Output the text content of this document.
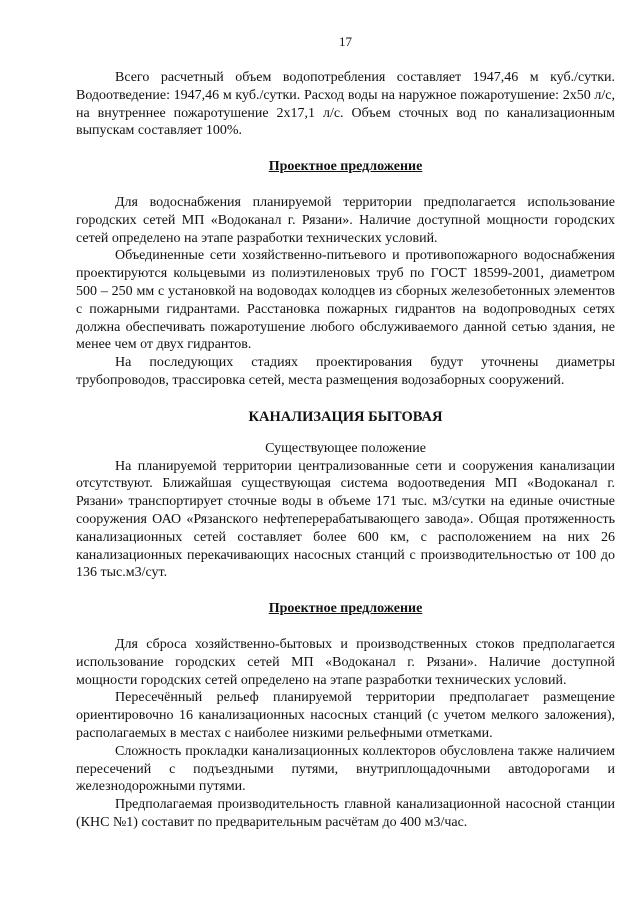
17

Всего расчетный объем водопотребления составляет 1947,46 м куб./сутки. Водоотведение: 1947,46 м куб./сутки. Расход воды на наружное пожаротушение: 2х50 л/с, на внутреннее пожаротушение 2х17,1 л/с. Объем сточных вод по канализационным выпускам составляет 100%.

Проектное предложение

Для водоснабжения планируемой территории предполагается использование городских сетей МП «Водоканал г. Рязани». Наличие доступной мощности городских сетей определено на этапе разработки технических условий.

Объединенные сети хозяйственно-питьевого и противопожарного водоснабжения проектируются кольцевыми из полиэтиленовых труб по ГОСТ 18599-2001, диаметром 500 – 250 мм с установкой на водоводах колодцев из сборных железобетонных элементов с пожарными гидрантами. Расстановка пожарных гидрантов на водопроводных сетях должна обеспечивать пожаротушение любого обслуживаемого данной сетью здания, не менее чем от двух гидрантов.

На последующих стадиях проектирования будут уточнены диаметры трубопроводов, трассировка сетей, места размещения водозаборных сооружений.

КАНАЛИЗАЦИЯ БЫТОВАЯ

Существующее положение

На планируемой территории централизованные сети и сооружения канализации отсутствуют. Ближайшая существующая система водоотведения МП «Водоканал г. Рязани» транспортирует сточные воды в объеме 171 тыс. м3/сутки на единые очистные сооружения ОАО «Рязанского нефтеперерабатывающего завода». Общая протяженность канализационных сетей составляет более 600 км, с расположением на них 26 канализационных перекачивающих насосных станций с производительностью от 100 до 136 тыс.м3/сут.

Проектное предложение

Для сброса хозяйственно-бытовых и производственных стоков предполагается использование городских сетей МП «Водоканал г. Рязани». Наличие доступной мощности городских сетей определено на этапе разработки технических условий.

Пересечённый рельеф планируемой территории предполагает размещение ориентировочно 16 канализационных насосных станций (с учетом мелкого заложения), располагаемых в местах с наиболее низкими рельефными отметками.

Сложность прокладки канализационных коллекторов обусловлена также наличием пересечений с подъездными путями, внутриплощадочными автодорогами и железнодорожными путями.

Предполагаемая производительность главной канализационной насосной станции (КНС №1) составит по предварительным расчётам до 400 м3/час.
